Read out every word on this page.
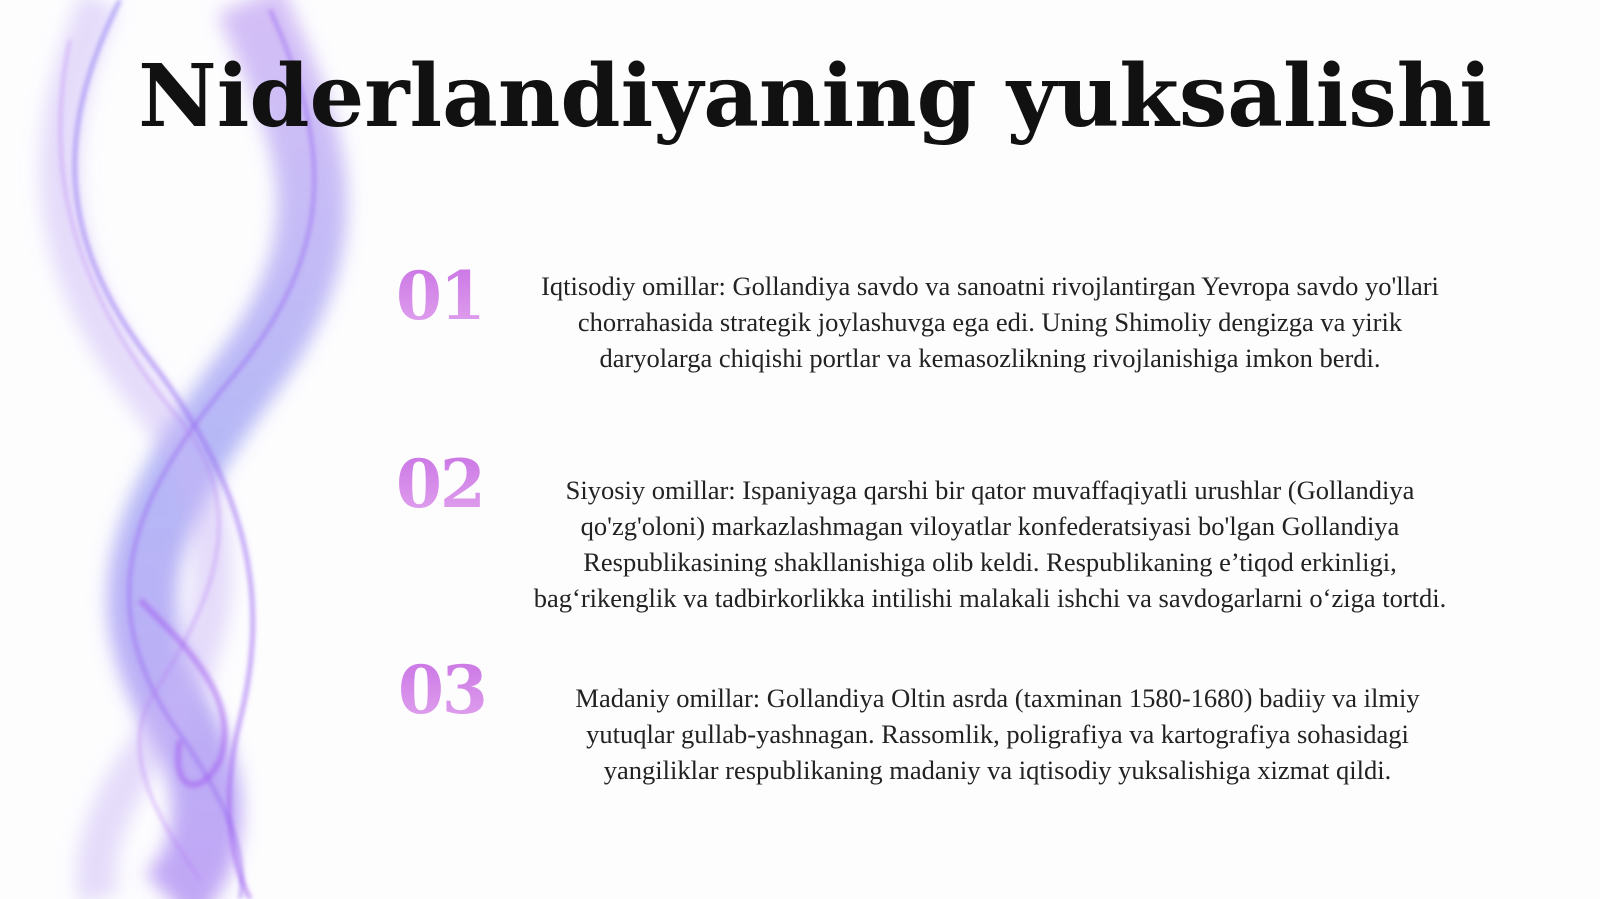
Niderlandiyaning yuksalishi
01	Iqtisodiy omillar: Gollandiya savdo va sanoatni rivojlantirgan Yevropa savdo yo'llari chorrahasida strategik joylashuvga ega edi. Uning Shimoliy dengizga va yirik daryolarga chiqishi portlar va kemasozlikning rivojlanishiga imkon berdi.

02	Siyosiy omillar: Ispaniyaga qarshi bir qator muvaffaqiyatli urushlar (Gollandiya qo'zg'oloni) markazlashmagan viloyatlar konfederatsiyasi bo'lgan Gollandiya Respublikasining shakllanishiga olib keldi. Respublikaning e’tiqod erkinligi, bag‘rikenglik va tadbirkorlikka intilishi malakali ishchi va savdogarlarni o‘ziga tortdi.

03	Madaniy omillar: Gollandiya Oltin asrda (taxminan 1580-1680) badiiy va ilmiy yutuqlar gullab-yashnagan. Rassomlik, poligrafiya va kartografiya sohasidagi yangiliklar respublikaning madaniy va iqtisodiy yuksalishiga xizmat qildi.
